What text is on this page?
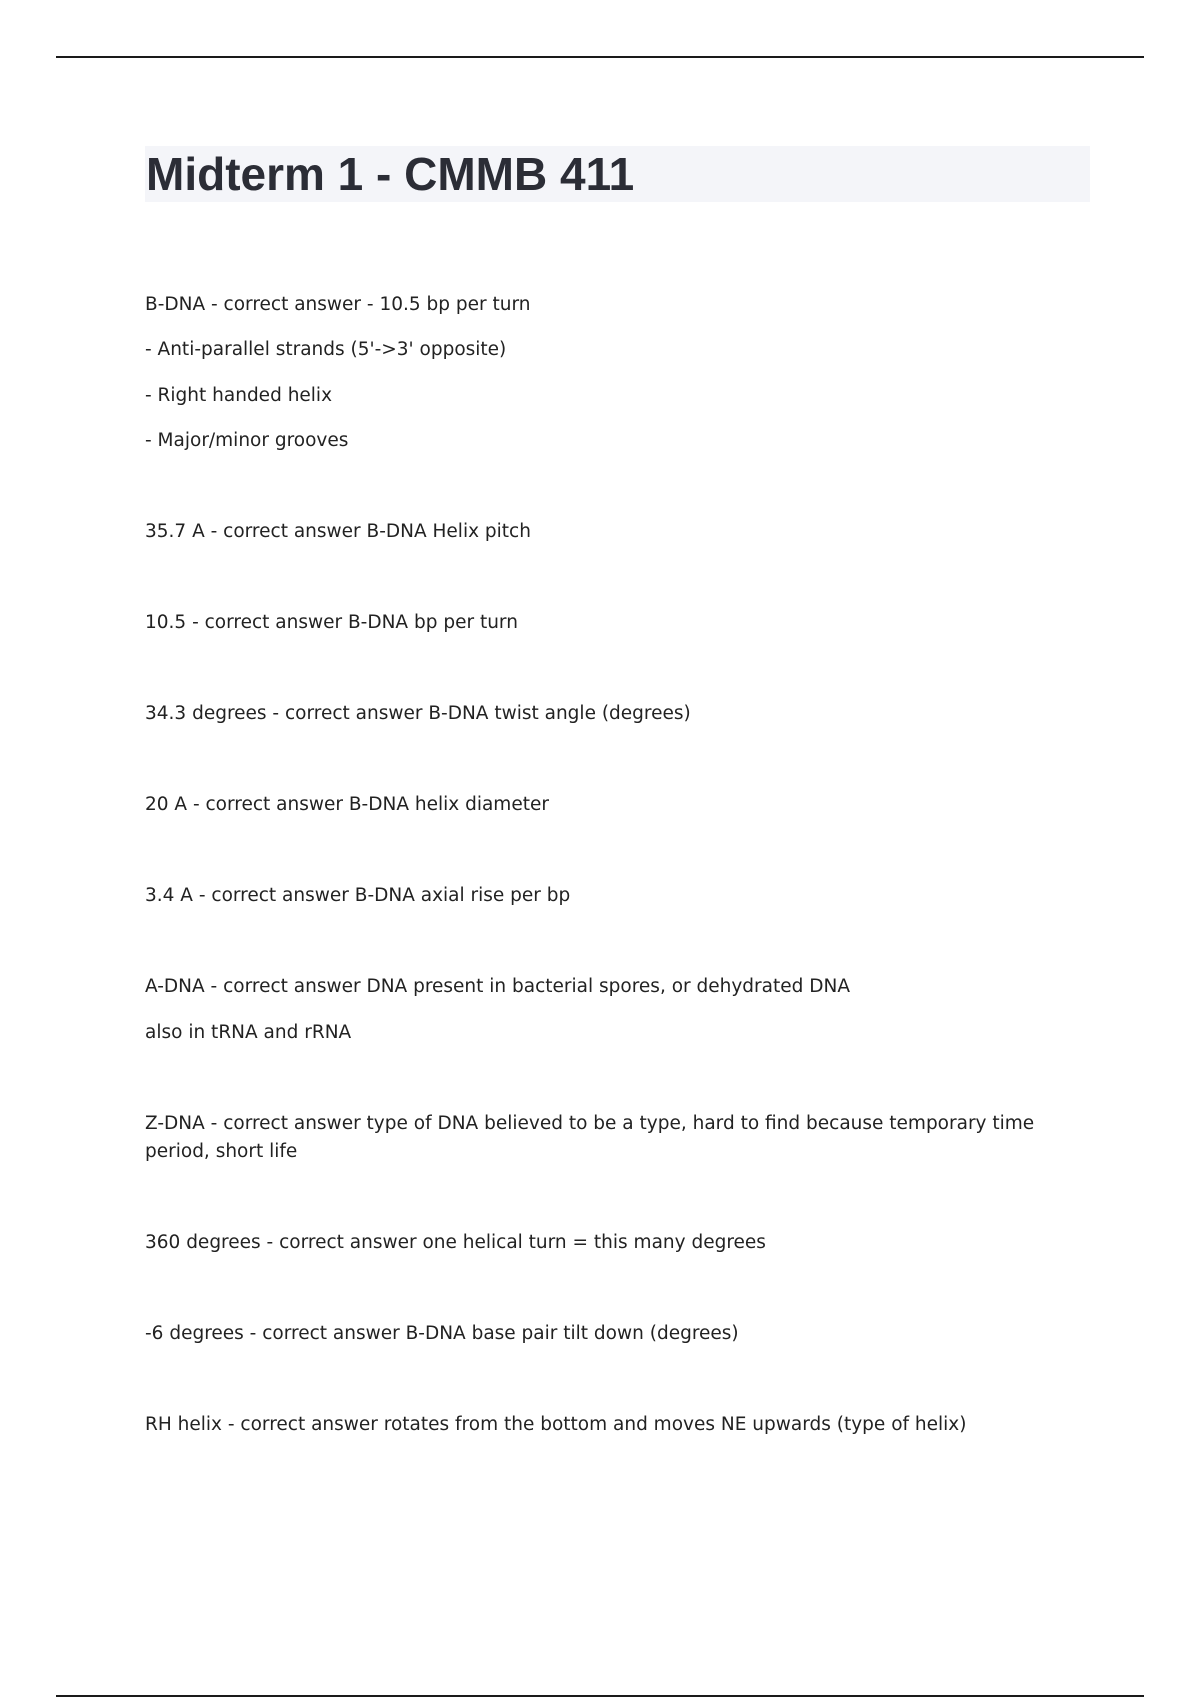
Midterm 1 - CMMB 411

B-DNA - correct answer - 10.5 bp per turn

- Anti-parallel strands (5'->3' opposite)

- Right handed helix

- Major/minor grooves

35.7 A - correct answer B-DNA Helix pitch

10.5 - correct answer B-DNA bp per turn

34.3 degrees - correct answer B-DNA twist angle (degrees)

20 A - correct answer B-DNA helix diameter

3.4 A - correct answer B-DNA axial rise per bp

A-DNA - correct answer DNA present in bacterial spores, or dehydrated DNA

also in tRNA and rRNA

Z-DNA - correct answer type of DNA believed to be a type, hard to find because temporary time period, short life

360 degrees - correct answer one helical turn = this many degrees

-6 degrees - correct answer B-DNA base pair tilt down (degrees)

RH helix - correct answer rotates from the bottom and moves NE upwards (type of helix)
